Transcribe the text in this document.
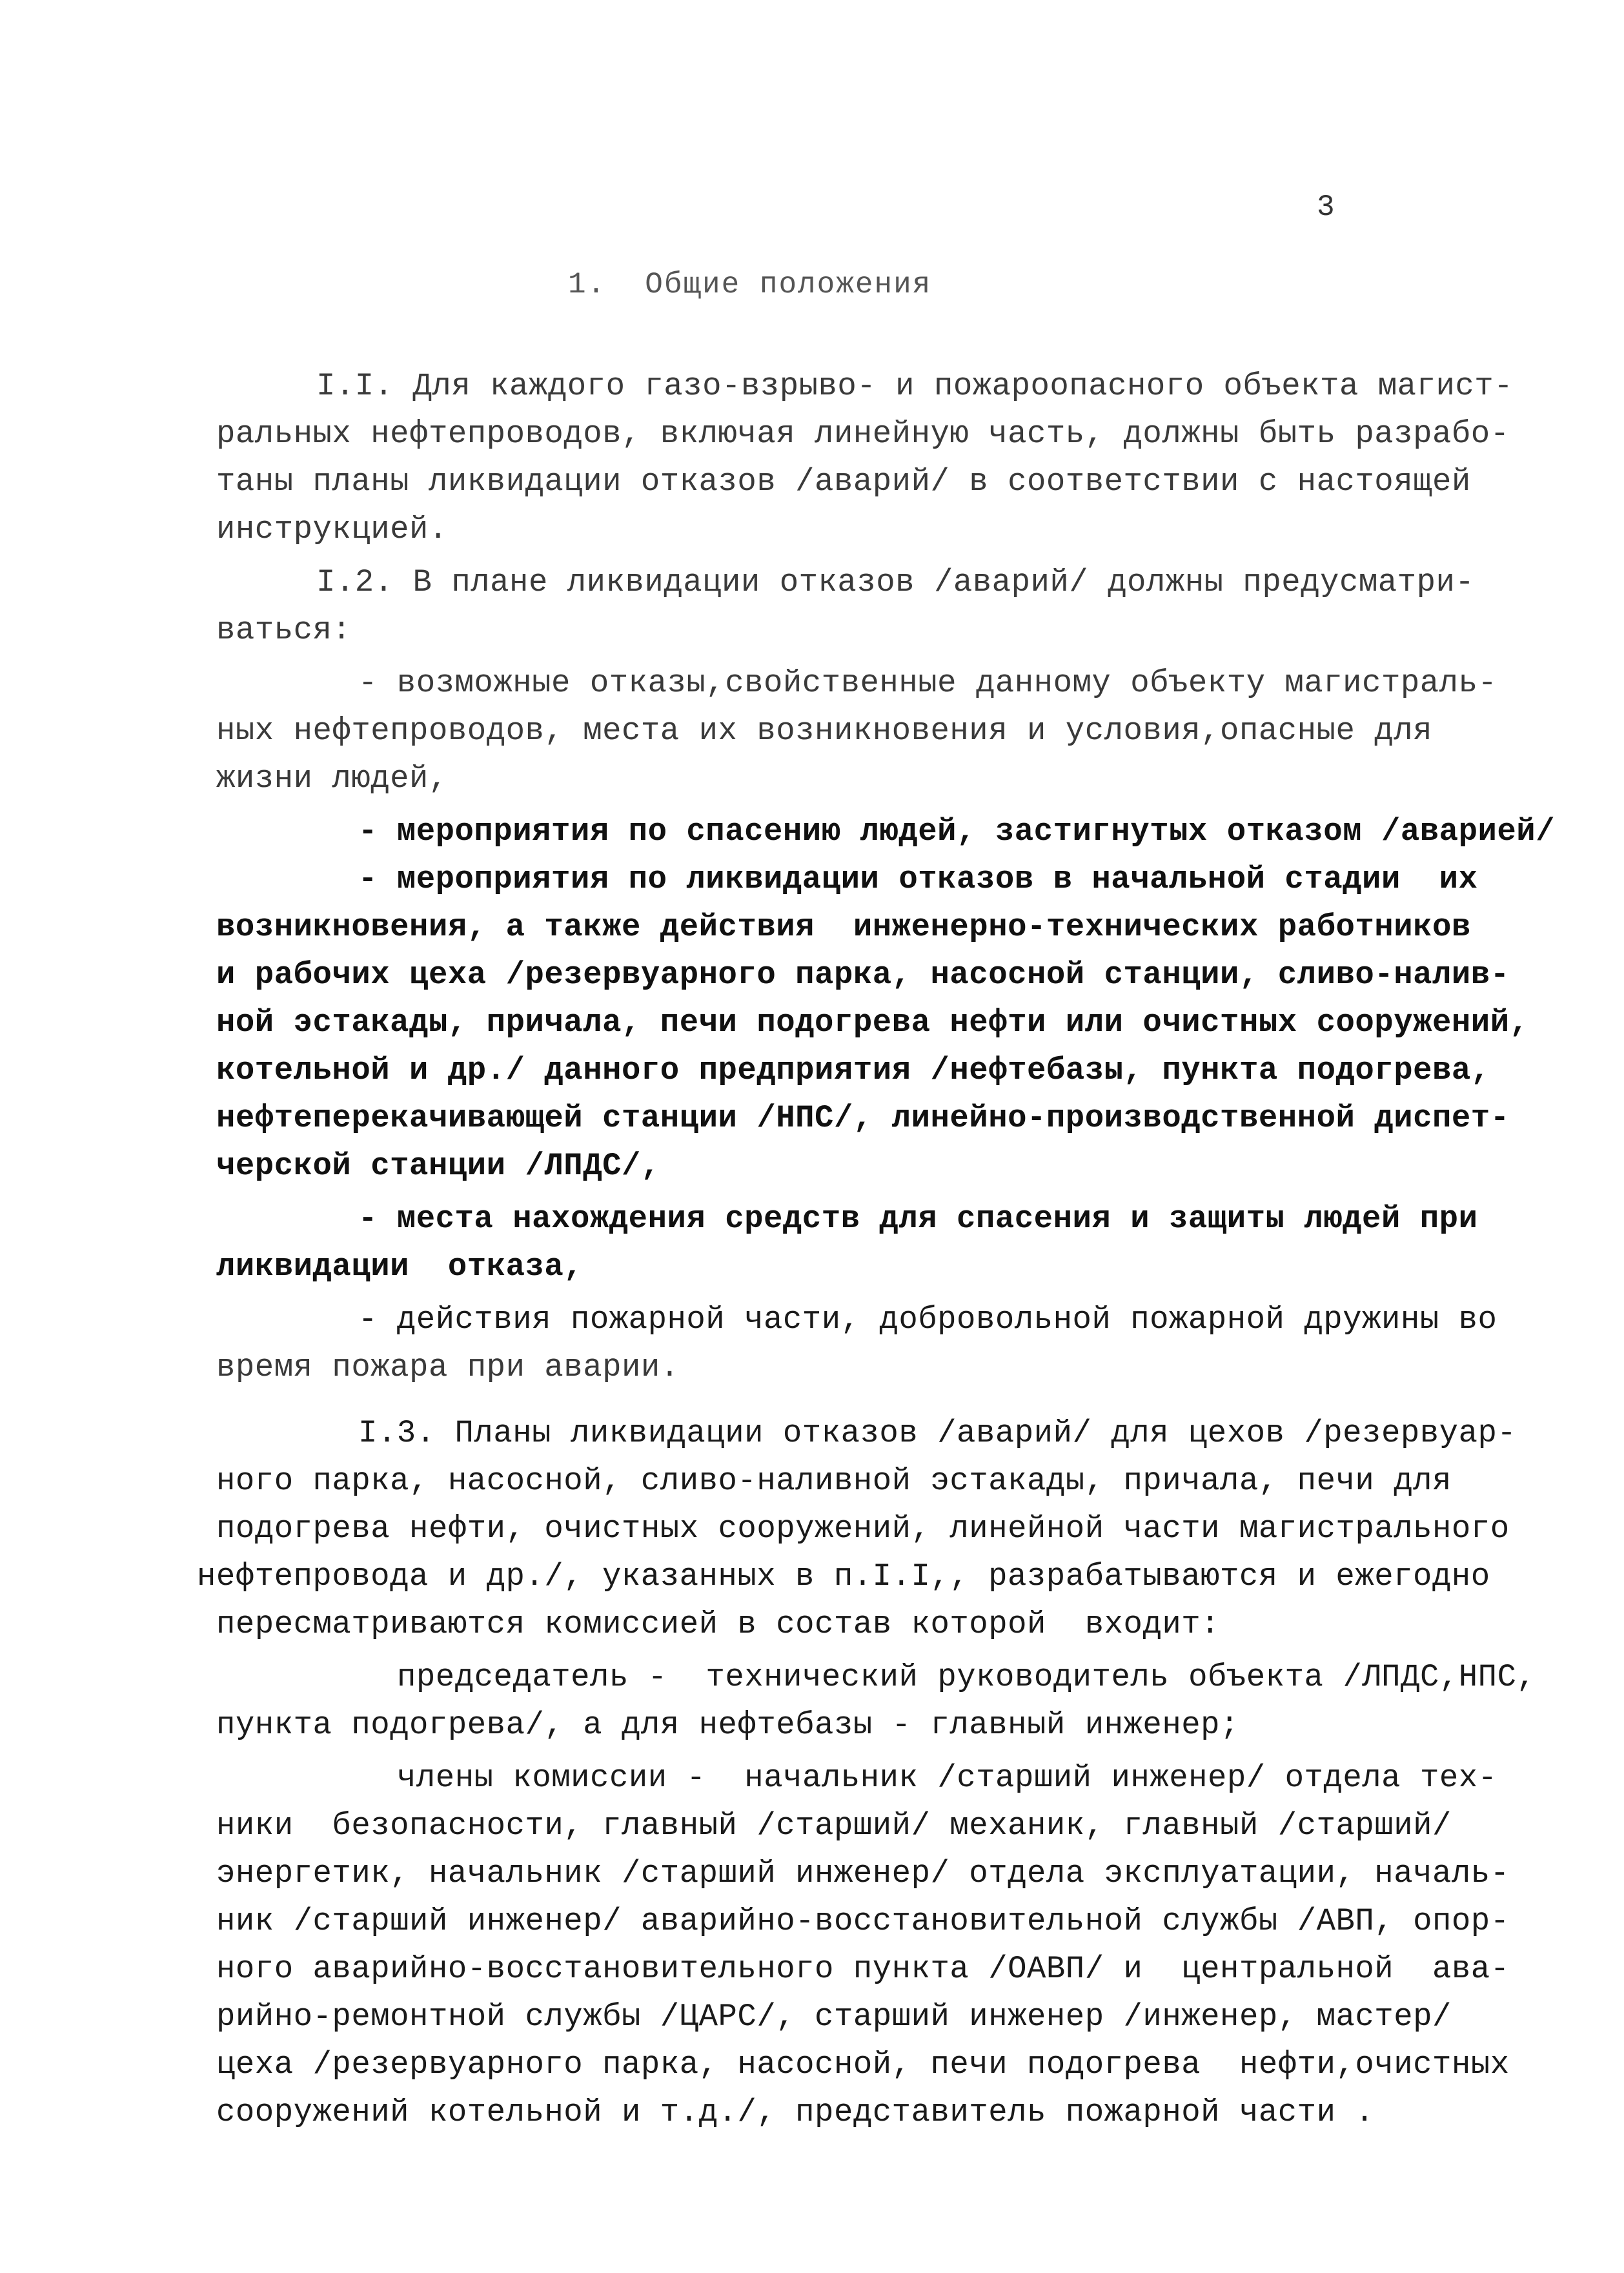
3
1. Общие положения
I.I. Для каждого газо-взрыво- и пожароопасного объекта магист-
ральных нефтепроводов, включая линейную часть, должны быть разрабо-
таны планы ликвидации отказов /аварий/ в соответствии с настоящей
инструкцией.
I.2. В плане ликвидации отказов /аварий/ должны предусматри-
ваться:
- возможные отказы,свойственные данному объекту магистраль-
ных нефтепроводов, места их возникновения и условия,опасные для
жизни людей,
- мероприятия по спасению людей, застигнутых отказом /аварией/
- мероприятия по ликвидации отказов в начальной стадии  их
возникновения, а также действия  инженерно-технических работников
и рабочих цеха /резервуарного парка, насосной станции, сливо-налив-
ной эстакады, причала, печи подогрева нефти или очистных сооружений,
котельной и др./ данного предприятия /нефтебазы, пункта подогрева,
нефтеперекачивающей станции /НПС/, линейно-производственной диспет-
черской станции /ЛПДС/,
- места нахождения средств для спасения и защиты людей при
ликвидации  отказа,
- действия пожарной части, добровольной пожарной дружины во
время пожара при аварии.
I.3. Планы ликвидации отказов /аварий/ для цехов /резервуар-
ного парка, насосной, сливо-наливной эстакады, причала, печи для
подогрева нефти, очистных сооружений, линейной части магистрального
нефтепровода и др./, указанных в п.I.I,, разрабатываются и ежегодно
пересматриваются комиссией в состав которой  входит:
председатель -  технический руководитель объекта /ЛПДС,НПС,
пункта подогрева/, а для нефтебазы - главный инженер;
члены комиссии -  начальник /старший инженер/ отдела тех-
ники  безопасности, главный /старший/ механик, главный /старший/
энергетик, начальник /старший инженер/ отдела эксплуатации, началь-
ник /старший инженер/ аварийно-восстановительной службы /АВП, опор-
ного аварийно-восстановительного пункта /ОАВП/ и  центральной  ава-
рийно-ремонтной службы /ЦАРС/, старший инженер /инженер, мастер/
цеха /резервуарного парка, насосной, печи подогрева  нефти,очистных
сооружений котельной и т.д./, представитель пожарной части .
